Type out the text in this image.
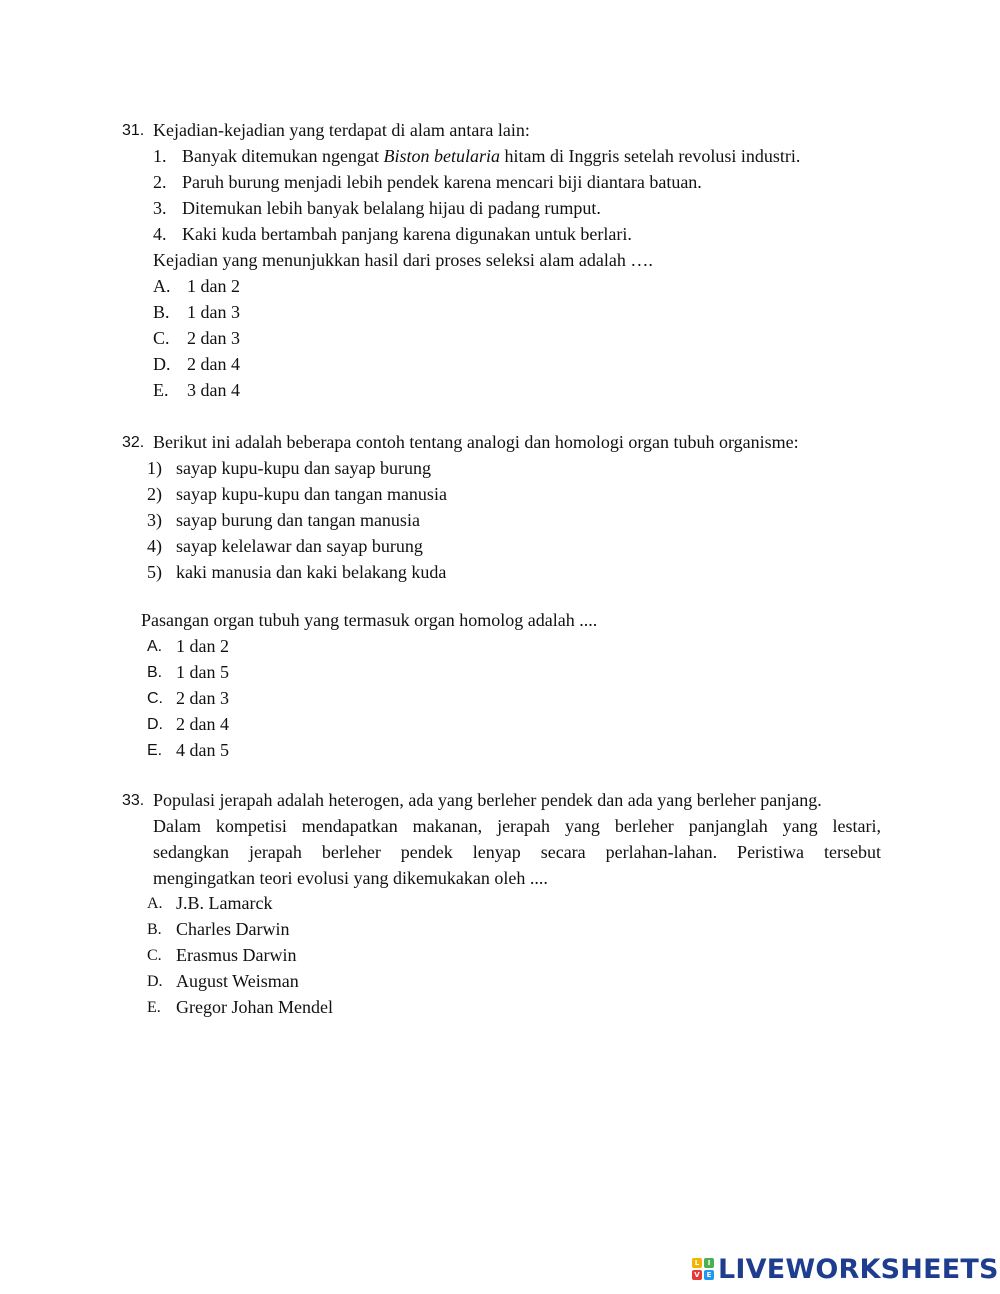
31. Kejadian-kejadian yang terdapat di alam antara lain:
1. Banyak ditemukan ngengat Biston betularia hitam di Inggris setelah revolusi industri.
2. Paruh burung menjadi lebih pendek karena mencari biji diantara batuan.
3. Ditemukan lebih banyak belalang hijau di padang rumput.
4. Kaki kuda bertambah panjang karena digunakan untuk berlari.
Kejadian yang menunjukkan hasil dari proses seleksi alam adalah ….
A. 1 dan 2
B. 1 dan 3
C. 2 dan 3
D. 2 dan 4
E. 3 dan 4
32. Berikut ini adalah beberapa contoh tentang analogi dan homologi organ tubuh organisme:
1) sayap kupu-kupu dan sayap burung
2) sayap kupu-kupu dan tangan manusia
3) sayap burung dan tangan manusia
4) sayap kelelawar dan sayap burung
5) kaki manusia dan kaki belakang kuda
Pasangan organ tubuh yang termasuk organ homolog adalah ....
A. 1 dan 2
B. 1 dan 5
C. 2 dan 3
D. 2 dan 4
E. 4 dan 5
33. Populasi jerapah adalah heterogen, ada yang berleher pendek dan ada yang berleher panjang.
Dalam kompetisi mendapatkan makanan, jerapah yang berleher panjanglah yang lestari,
sedangkan jerapah berleher pendek lenyap secara perlahan-lahan. Peristiwa tersebut
mengingatkan teori evolusi yang dikemukakan oleh ....
A. J.B. Lamarck
B. Charles Darwin
C. Erasmus Darwin
D. August Weisman
E. Gregor Johan Mendel
L	I
V E LIVEWORKSHEETS
